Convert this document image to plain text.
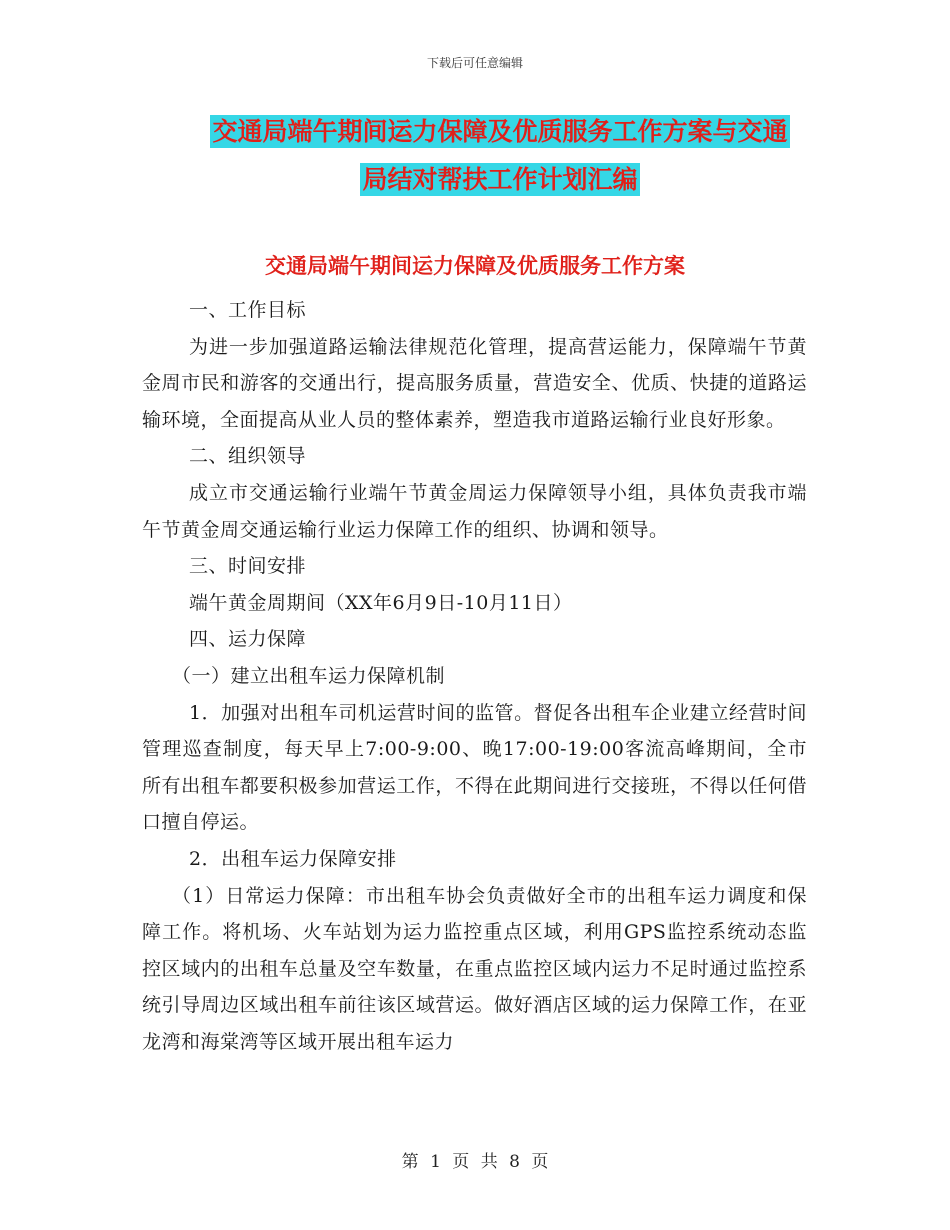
下载后可任意编辑
交通局端午期间运力保障及优质服务工作方案与交通
局结对帮扶工作计划汇编
交通局端午期间运力保障及优质服务工作方案

一、工作目标

为进一步加强道路运输法律规范化管理，提高营运能力，保障端午节黄金周市民和游客的交通出行，提高服务质量，营造安全、优质、快捷的道路运输环境，全面提高从业人员的整体素养，塑造我市道路运输行业良好形象。

二、组织领导

成立市交通运输行业端午节黄金周运力保障领导小组，具体负责我市端午节黄金周交通运输行业运力保障工作的组织、协调和领导。

三、时间安排

端午黄金周期间（XX年6月9日-10月11日）

四、运力保障

（一）建立出租车运力保障机制

1．加强对出租车司机运营时间的监管。督促各出租车企业建立经营时间管理巡查制度，每天早上7:00-9:00、晚17:00-19:00客流高峰期间，全市所有出租车都要积极参加营运工作，不得在此期间进行交接班，不得以任何借口擅自停运。

2．出租车运力保障安排

（1）日常运力保障：市出租车协会负责做好全市的出租车运力调度和保障工作。将机场、火车站划为运力监控重点区域，利用GPS监控系统动态监控区域内的出租车总量及空车数量，在重点监控区域内运力不足时通过监控系统引导周边区域出租车前往该区域营运。做好酒店区域的运力保障工作，在亚龙湾和海棠湾等区域开展出租车运力

第 1 页 共 8 页
